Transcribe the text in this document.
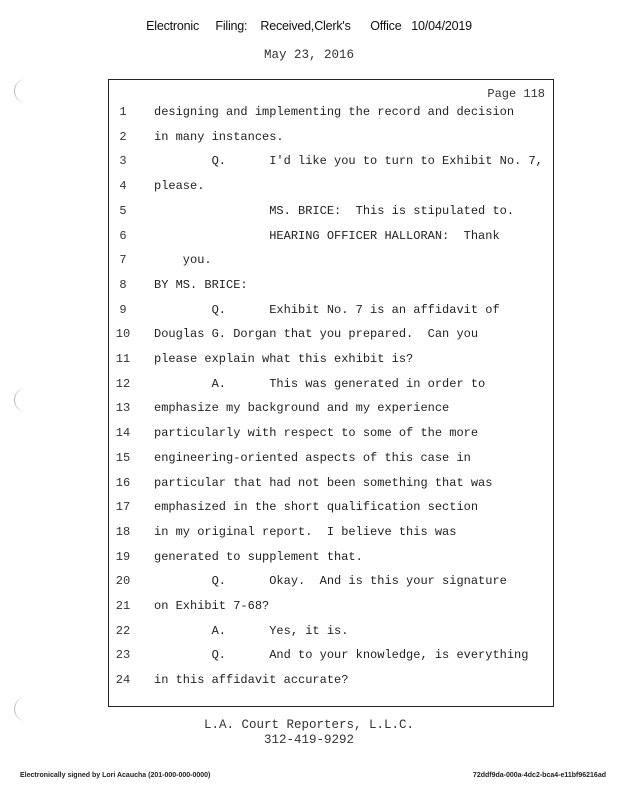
Electronic     Filing:    Received,Clerk's      Office   10/04/2019
May 23, 2016
Page 118
1	designing and implementing the record and decision
2	in many instances.
3	Q.      I'd like you to turn to Exhibit No. 7,
4	please.
5	MS. BRICE:  This is stipulated to.
6	HEARING OFFICER HALLORAN:  Thank
7	you.
8	BY MS. BRICE:
9	Q.      Exhibit No. 7 is an affidavit of
10	Douglas G. Dorgan that you prepared.  Can you
11	please explain what this exhibit is?
12	A.      This was generated in order to
13	emphasize my background and my experience
14	particularly with respect to some of the more
15	engineering-oriented aspects of this case in
16	particular that had not been something that was
17	emphasized in the short qualification section
18	in my original report.  I believe this was
19	generated to supplement that.
20	Q.      Okay.  And is this your signature
21	on Exhibit 7-68?
22	A.      Yes, it is.
23	Q.      And to your knowledge, is everything
24	in this affidavit accurate?
L.A. Court Reporters, L.L.C.
312-419-9292
Electronically signed by Lori Acaucha (201-000-000-0000)	72ddf9da-000a-4dc2-bca4-e11bf96216ad
